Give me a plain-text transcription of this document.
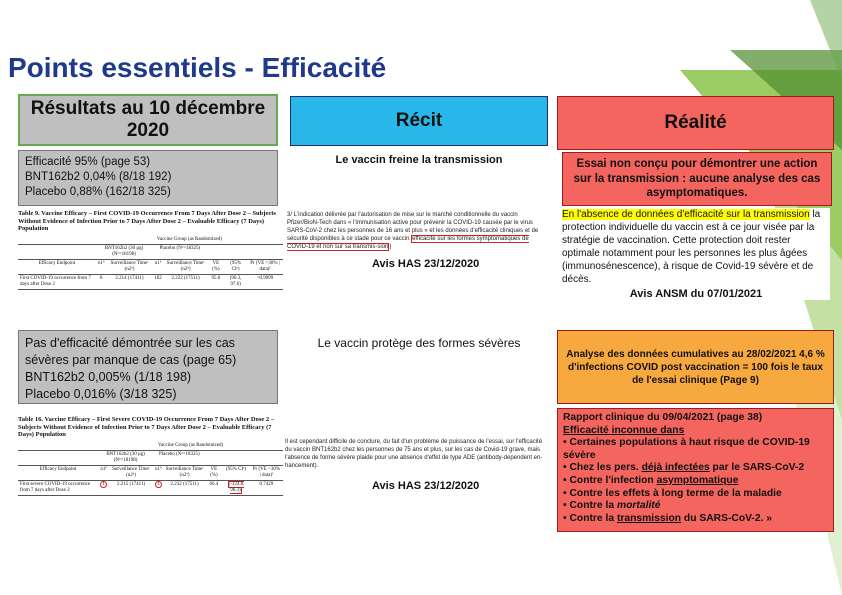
Points essentiels - Efficacité
Résultats au 10 décembre 2020	Récit	Réalité
Efficacité 95% (page 53)
BNT162b2 0,04% (8/18 192)
Placebo 0,88% (162/18 325)
Table 9. Vaccine Efficacy – First COVID-19 Occurrence From 7 Days After Dose 2 – Subjects Without Evidence of Infection Prior to 7 Days After Dose 2 – Evaluable Efficacy (7 Days) Population
	Vaccine Group (as Randomized)						
	BNT162b2 (30 μg) (Nᵃ=18198)		Placebo (Nᵃ=18325)				
Efficacy Endpoint	n1ᵇ	Surveillance Timeᶜ (n2ᵈ)	n1ᵇ	Surveillance Timeᶜ (n2ᵈ)	VE (%)	(95% CIᵉ)	Pr (VE >30% | data)ᶠ
First COVID-19 occurrence from 7 days after Dose 2	8	2.214 (17411)	162	2.222 (17511)	95.0	(90.3, 97.6)	>0.9999
Le vaccin freine la transmission
3/ L'indication délivrée par l'autorisation de mise sur le marché conditionnelle du vaccin Pfizer/BioN-Tech dans « l'immunisation active pour prévenir la COVID-19 causée par le virus SARS-CoV-2 chez les personnes de 16 ans et plus » et les données d'efficacité cliniques et de sécurité disponibles à ce stade pour ce vaccin efficacité sur les formes symptomatiques de COVID-19 et non sur sa transmis-sion)
Avis HAS 23/12/2020
Essai non conçu pour démontrer une action sur la transmission : aucune analyse des cas asymptomatiques.
En l'absence de données d'efficacité sur la transmission la protection individuelle du vaccin est à ce jour visée par la stratégie de vaccination. Cette protection doit rester optimale notamment pour les personnes les plus âgées (immunosénescence), à risque de Covid-19 sévère et de décès.
Avis ANSM du 07/01/2021
Pas d'efficacité démontrée sur les cas sévères par manque de cas (page 65)
BNT162b2 0,005% (1/18 198)
Placebo 0,016% (3/18 325)
Table 16. Vaccine Efficacy – First Severe COVID-19 Occurrence From 7 Days After Dose 2 – Subjects Without Evidence of Infection Prior to 7 Days After Dose 2 – Evaluable Efficacy (7 Days) Population
	Vaccine Group (as Randomized)						
	BNT162b2 (30 μg) (Nᵃ=18198)		Placebo (Nᵃ=18325)				
Efficacy Endpoint	n1ᵇ	Surveillance Timeᶜ (n2ᵈ)	n1ᵇ	Surveillance Timeᶜ (n2ᵈ)	VE (%)	(95% CIᵉ)	Pr (VE >30% | data)ᶠ
First severe COVID-19 occurrence from 7 days after Dose 2	1	2.215 (17411)	3	2.232 (17511)	66.4	(-124.8, 96.3)	0.7429
Le vaccin protège des formes sévères
Il est cependant difficile de conclure, du fait d'un problème de puissance de l'essai, sur l'efficacité du vaccin BNT162b2 chez les personnes de 75 ans et plus, sur les cas de Covid-19 grave, mais l'absence de forme sévère plaide pour une absence d'effet de type ADE (antibody-dependent en-hancement).
Avis HAS 23/12/2020
Analyse des données cumulatives au 28/02/2021 4,6 % d'infections COVID post vaccination = 100 fois le taux de l'essai clinique (Page 9)
Rapport clinique du 09/04/2021 (page 38)
Efficacité inconnue dans
• Certaines populations à haut risque de COVID-19 sévère
• Chez les pers. déjà infectées par le SARS-CoV-2
• Contre l'infection asymptomatique
• Contre les effets à long terme de la maladie
• Contre la mortalité
• Contre la transmission du SARS-CoV-2. »
